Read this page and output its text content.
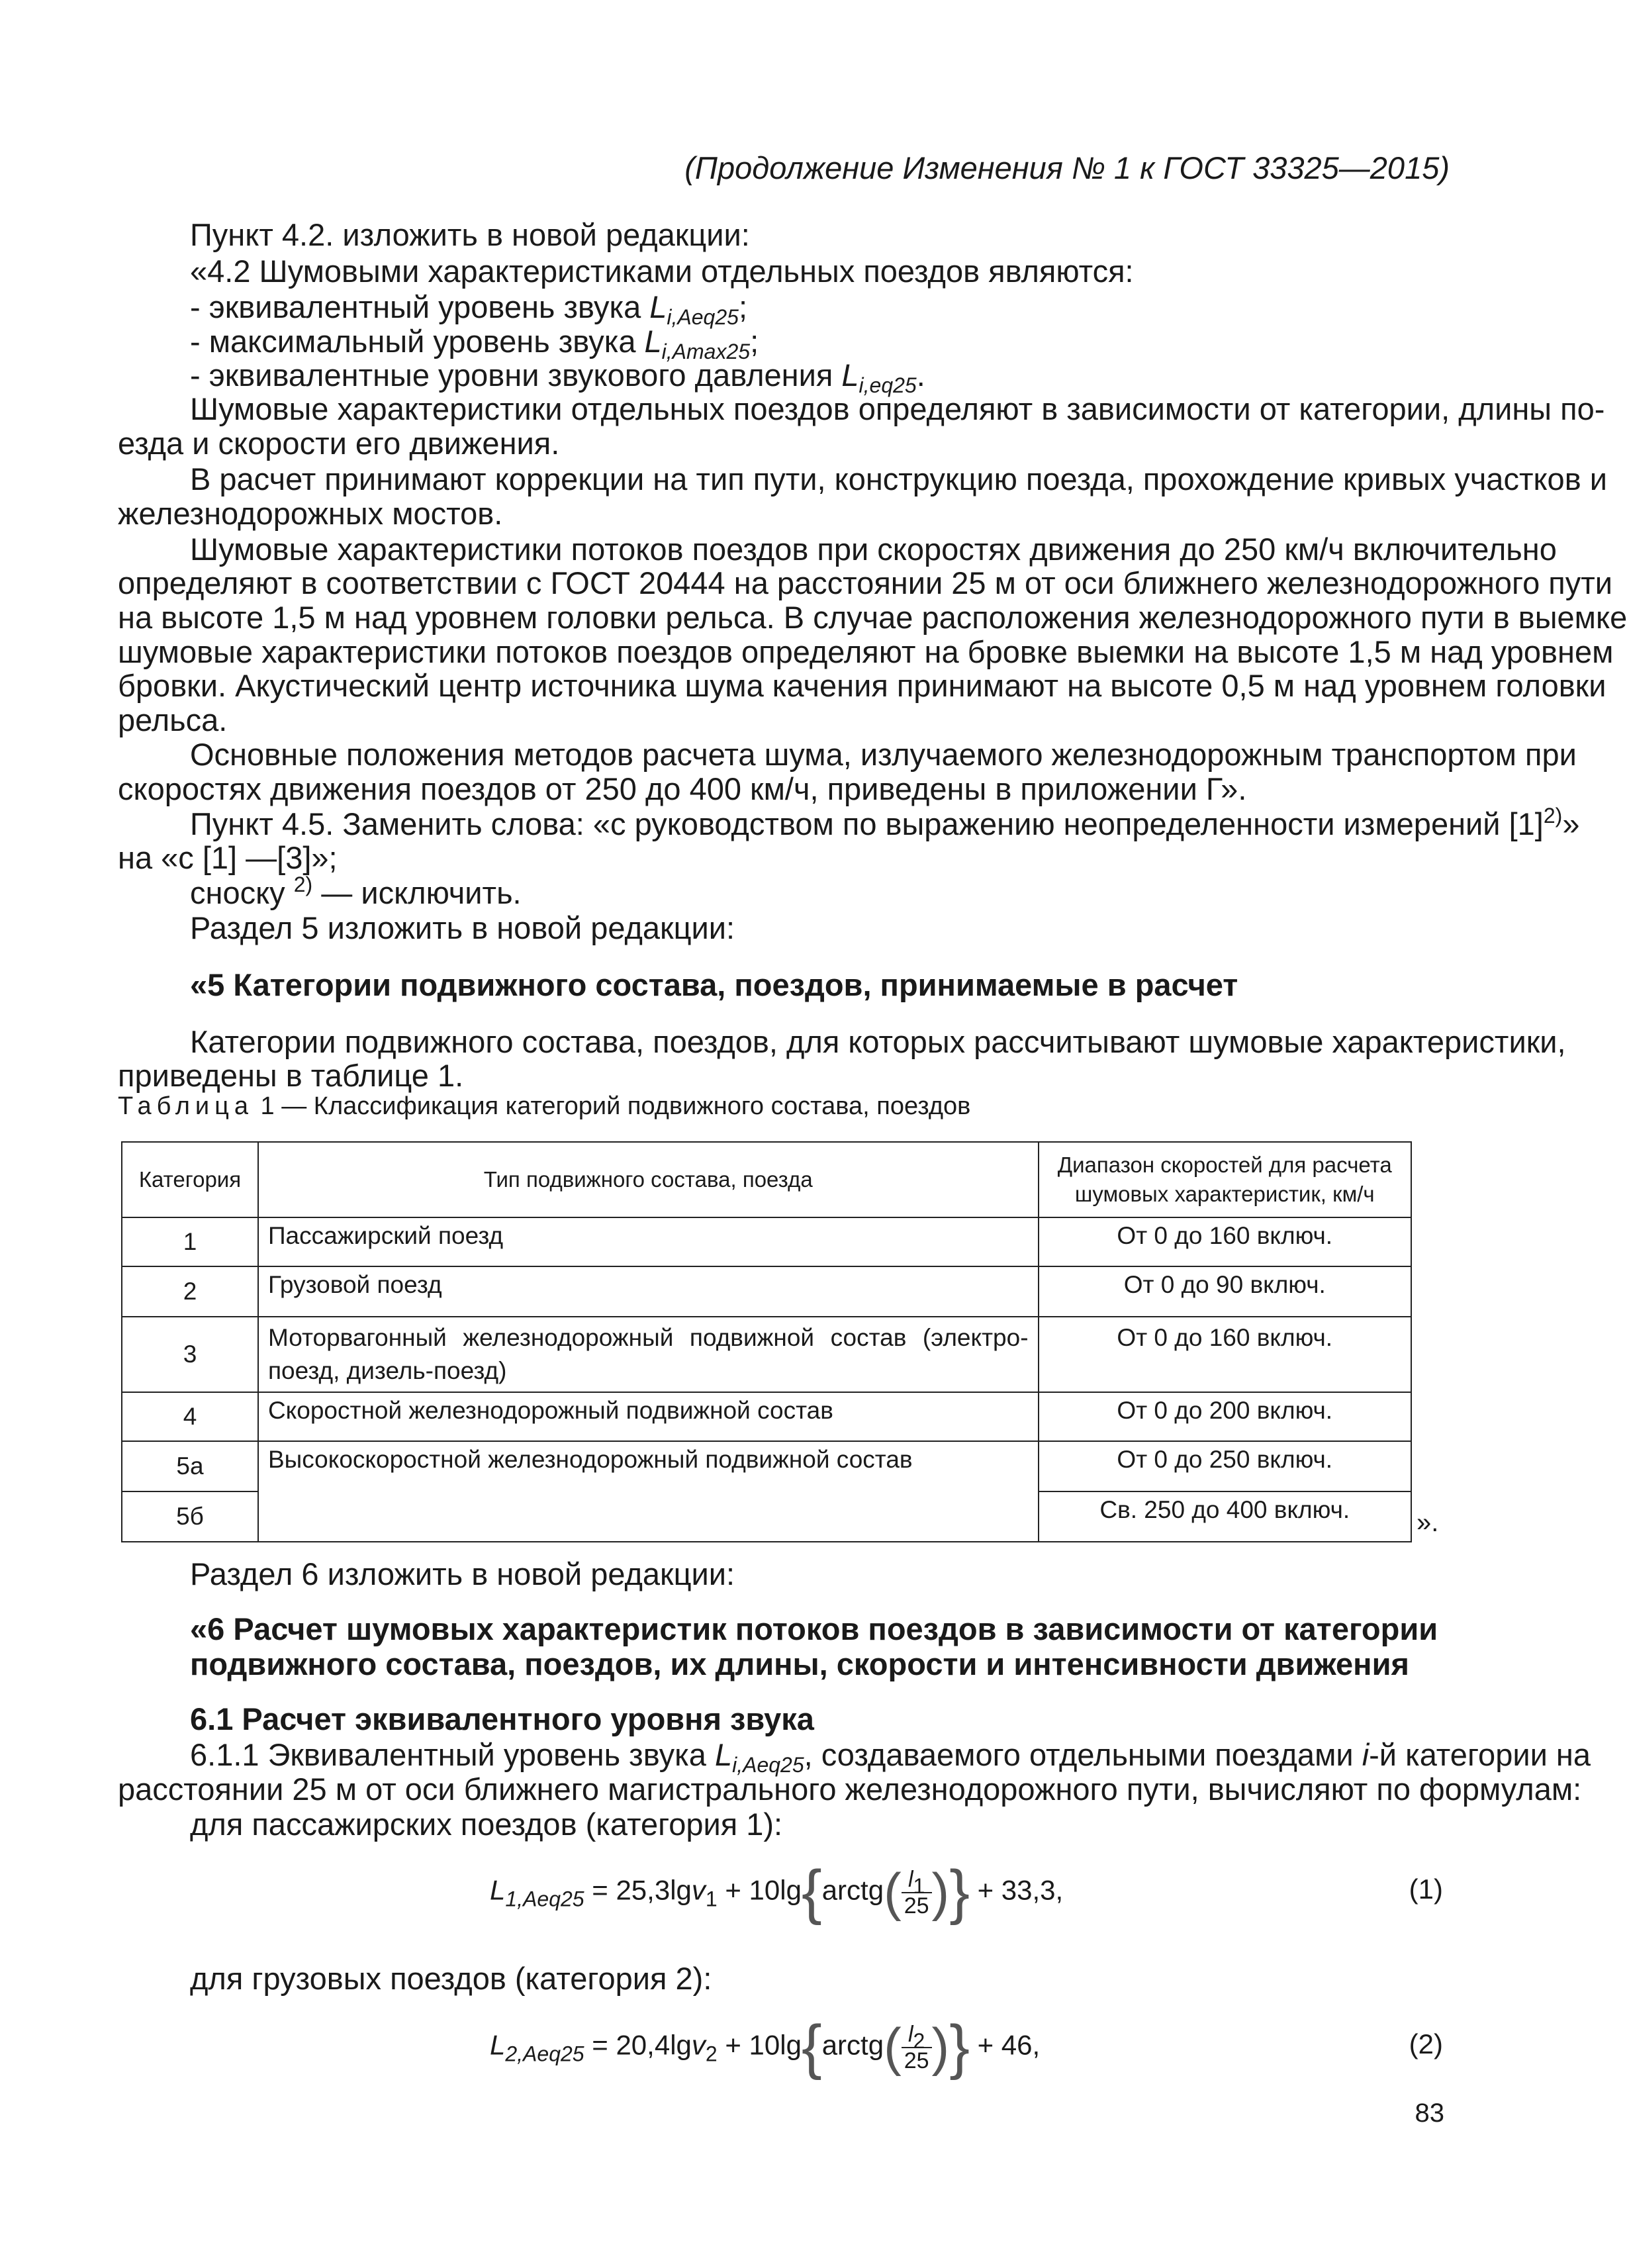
(Продолжение Изменения № 1 к ГОСТ 33325—2015)
Пункт 4.2. изложить в новой редакции:
«4.2 Шумовыми характеристиками отдельных поездов являются:
- эквивалентный уровень звука $L_{i,Aeq25}$;
- максимальный уровень звука $L_{i,Amax25}$;
- эквивалентные уровни звукового давления $L_{i,eq25}$.
Шумовые характеристики отдельных поездов определяют в зависимости от категории, длины по-
езда и скорости его движения.
В расчет принимают коррекции на тип пути, конструкцию поезда, прохождение кривых участков и
железнодорожных мостов.
Шумовые характеристики потоков поездов при скоростях движения до 250 км/ч включительно
определяют в соответствии с ГОСТ 20444 на расстоянии 25 м от оси ближнего железнодорожного пути
на высоте 1,5 м над уровнем головки рельса. В случае расположения железнодорожного пути в выемке
шумовые характеристики потоков поездов определяют на бровке выемки на высоте 1,5 м над уровнем
бровки. Акустический центр источника шума качения принимают на высоте 0,5 м над уровнем головки
рельса.
Основные положения методов расчета шума, излучаемого железнодорожным транспортом при
скоростях движения поездов от 250 до 400 км/ч, приведены в приложении Г».
Пункт 4.5. Заменить слова: «с руководством по выражению неопределенности измерений $[1]^{2)}$»
на «с [1] —[3]»;
сноску $^{2)}$ — исключить.
Раздел 5 изложить в новой редакции:
«5 Категории подвижного состава, поездов, принимаемые в расчет
Категории подвижного состава, поездов, для которых рассчитывают шумовые характеристики,
приведены в таблице 1.
Таблица 1 — Классификация категорий подвижного состава, поездов
Категория	Тип подвижного состава, поезда	Диапазон скоростей для расчета шумовых характеристик, км/ч
1	Пассажирский поезд	От 0 до 160 включ.
2	Грузовой поезд	От 0 до 90 включ.
3	Моторвагонный железнодорожный подвижной состав (электро-поезд, дизель-поезд)	От 0 до 160 включ.
4	Скоростной железнодорожный подвижной состав	От 0 до 200 включ.
5а	Высокоскоростной железнодорожный подвижной состав	От 0 до 250 включ.
5б		Св. 250 до 400 включ.	».
Раздел 6 изложить в новой редакции:
«6 Расчет шумовых характеристик потоков поездов в зависимости от категории
подвижного состава, поездов, их длины, скорости и интенсивности движения
6.1 Расчет эквивалентного уровня звука
6.1.1 Эквивалентный уровень звука $L_{i,Aeq25}$, создаваемого отдельными поездами i-й категории на
расстоянии 25 м от оси ближнего магистрального железнодорожного пути, вычисляют по формулам:
для пассажирских поездов (категория 1):
$L_{1,Aeq25} = 25,3\lg v_1$ + 10lg{arctg( $\frac{l_1}{25}$ )} + 33,3,	(1)
для грузовых поездов (категория 2):
$L_{2,Aeq25} = 20,4\lg v_2$ + 10lg{arctg( $\frac{l_2}{25}$ )} + 46,	(2)
83
